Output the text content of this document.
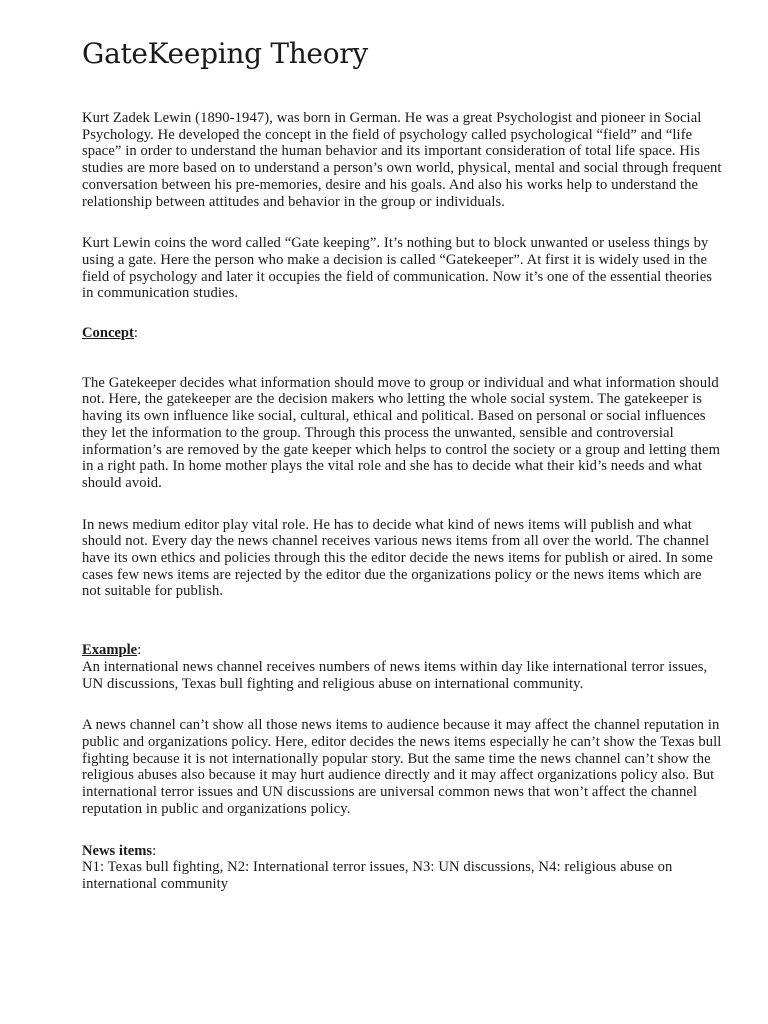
GateKeeping Theory

Kurt Zadek Lewin (1890-1947), was born in German. He was a great Psychologist and pioneer in Social Psychology. He developed the concept in the field of psychology called psychological “field” and “life space” in order to understand the human behavior and its important consideration of total life space. His studies are more based on to understand a person’s own world, physical, mental and social through frequent conversation between his pre-memories, desire and his goals. And also his works help to understand the relationship between attitudes and behavior in the group or individuals.

Kurt Lewin coins the word called “Gate keeping”. It’s nothing but to block unwanted or useless things by using a gate. Here the person who make a decision is called “Gatekeeper”. At first it is widely used in the field of psychology and later it occupies the field of communication. Now it’s one of the essential theories in communication studies.

Concept:

The Gatekeeper decides what information should move to group or individual and what information should not. Here, the gatekeeper are the decision makers who letting the whole social system. The gatekeeper is having its own influence like social, cultural, ethical and political. Based on personal or social influences they let the information to the group. Through this process the unwanted, sensible and controversial information’s are removed by the gate keeper which helps to control the society or a group and letting them in a right path. In home mother plays the vital role and she has to decide what their kid’s needs and what should avoid.

In news medium editor play vital role. He has to decide what kind of news items will publish and what should not. Every day the news channel receives various news items from all over the world. The channel have its own ethics and policies through this the editor decide the news items for publish or aired. In some cases few news items are rejected by the editor due the organizations policy or the news items which are not suitable for publish.

Example:

An international news channel receives numbers of news items within day like international terror issues, UN discussions, Texas bull fighting and religious abuse on international community.

A news channel can’t show all those news items to audience because it may affect the channel reputation in public and organizations policy. Here, editor decides the news items especially he can’t show the Texas bull fighting because it is not internationally popular story. But the same time the news channel can’t show the religious abuses also because it may hurt audience directly and it may affect organizations policy also. But international terror issues and UN discussions are universal common news that won’t affect the channel reputation in public and organizations policy.

News items:

N1: Texas bull fighting, N2: International terror issues, N3: UN discussions, N4: religious abuse on international community
